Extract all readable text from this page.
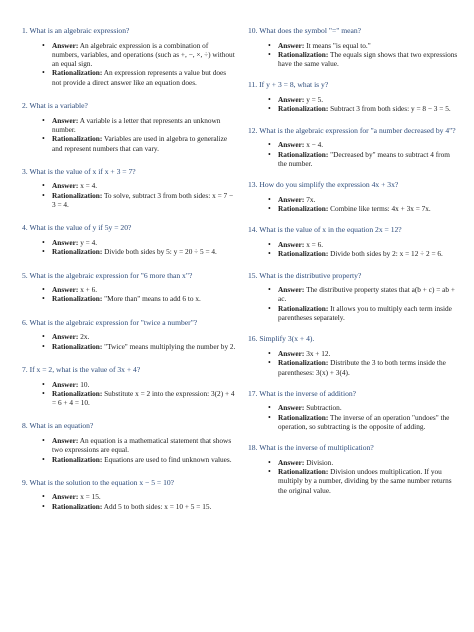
1. What is an algebraic expression?

• Answer: An algebraic expression is a combination of numbers, variables, and operations (such as +, −, ×, ÷) without an equal sign.
• Rationalization: An expression represents a value but does not provide a direct answer like an equation does.

2. What is a variable?

• Answer: A variable is a letter that represents an unknown number.
• Rationalization: Variables are used in algebra to generalize and represent numbers that can vary.

3. What is the value of x if x + 3 = 7?

• Answer: x = 4.
• Rationalization: To solve, subtract 3 from both sides: x = 7 − 3 = 4.

4. What is the value of y if 5y = 20?

• Answer: y = 4.
• Rationalization: Divide both sides by 5: y = 20 ÷ 5 = 4.

5. What is the algebraic expression for "6 more than x"?

• Answer: x + 6.
• Rationalization: "More than" means to add 6 to x.

6. What is the algebraic expression for "twice a number"?

• Answer: 2x.
• Rationalization: "Twice" means multiplying the number by 2.

7. If x = 2, what is the value of 3x + 4?

• Answer: 10.
• Rationalization: Substitute x = 2 into the expression: 3(2) + 4 = 6 + 4 = 10.

8. What is an equation?

• Answer: An equation is a mathematical statement that shows two expressions are equal.
• Rationalization: Equations are used to find unknown values.

9. What is the solution to the equation x − 5 = 10?

• Answer: x = 15.
• Rationalization: Add 5 to both sides: x = 10 + 5 = 15.

10. What does the symbol "=" mean?

• Answer: It means "is equal to."
• Rationalization: The equals sign shows that two expressions have the same value.

11. If y + 3 = 8, what is y?

• Answer: y = 5.
• Rationalization: Subtract 3 from both sides: y = 8 − 3 = 5.

12. What is the algebraic expression for "a number decreased by 4"?

• Answer: x − 4.
• Rationalization: "Decreased by" means to subtract 4 from the number.

13. How do you simplify the expression 4x + 3x?

• Answer: 7x.
• Rationalization: Combine like terms: 4x + 3x = 7x.

14. What is the value of x in the equation 2x = 12?

• Answer: x = 6.
• Rationalization: Divide both sides by 2: x = 12 ÷ 2 = 6.

15. What is the distributive property?

• Answer: The distributive property states that a(b + c) = ab + ac.
• Rationalization: It allows you to multiply each term inside parentheses separately.

16. Simplify 3(x + 4).

• Answer: 3x + 12.
• Rationalization: Distribute the 3 to both terms inside the parentheses: 3(x) + 3(4).

17. What is the inverse of addition?

• Answer: Subtraction.
• Rationalization: The inverse of an operation "undoes" the operation, so subtracting is the opposite of adding.

18. What is the inverse of multiplication?

• Answer: Division.
• Rationalization: Division undoes multiplication. If you multiply by a number, dividing by the same number returns the original value.
